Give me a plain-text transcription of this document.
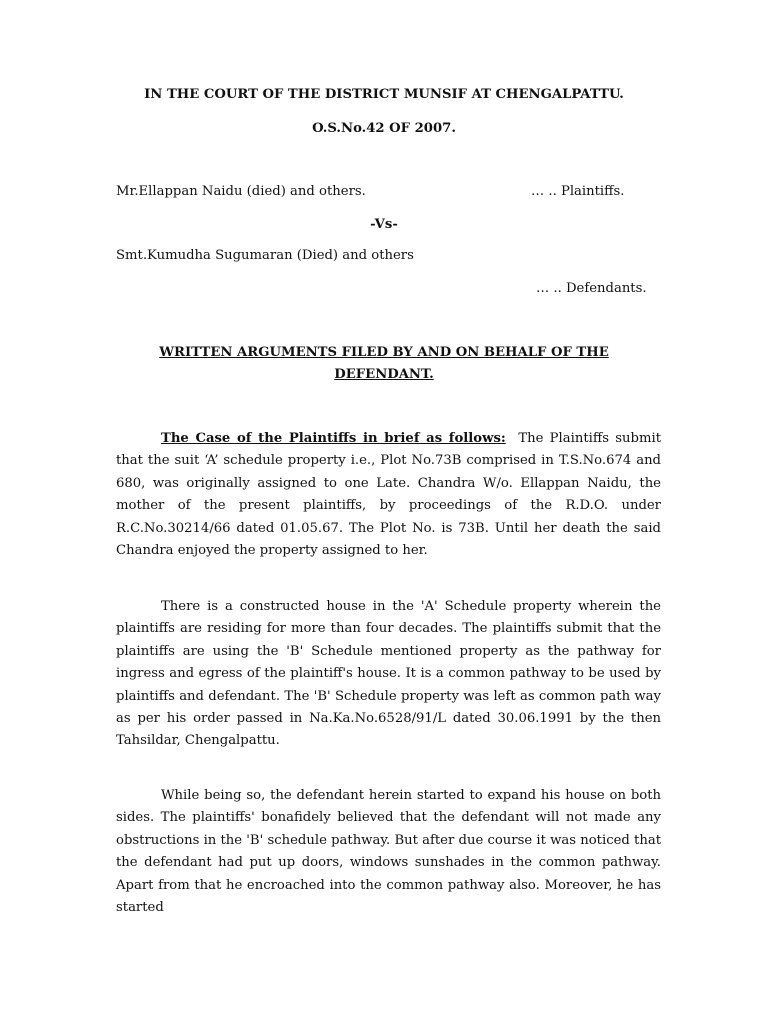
IN THE COURT OF THE DISTRICT MUNSIF AT CHENGALPATTU.
O.S.No.42 OF 2007.
Mr.Ellappan Naidu (died) and others.	… .. Plaintiffs.
-Vs-
Smt.Kumudha Sugumaran (Died) and others
… .. Defendants.
WRITTEN ARGUMENTS FILED BY AND ON BEHALF OF THE
DEFENDANT.

The Case of the Plaintiffs in brief as follows: The Plaintiffs submit that the suit ‘A’ schedule property i.e., Plot No.73B comprised in T.S.No.674 and 680, was originally assigned to one Late. Chandra W/o. Ellappan Naidu, the mother of the present plaintiffs, by proceedings of the R.D.O. under R.C.No.30214/66 dated 01.05.67. The Plot No. is 73B. Until her death the said Chandra enjoyed the property assigned to her.

There is a constructed house in the 'A' Schedule property wherein the plaintiffs are residing for more than four decades. The plaintiffs submit that the plaintiffs are using the 'B' Schedule mentioned property as the pathway for ingress and egress of the plaintiff's house. It is a common pathway to be used by plaintiffs and defendant. The 'B' Schedule property was left as common path way as per his order passed in Na.Ka.No.6528/91/L dated 30.06.1991 by the then Tahsildar, Chengalpattu.

While being so, the defendant herein started to expand his house on both sides. The plaintiffs' bonafidely believed that the defendant will not made any obstructions in the 'B' schedule pathway. But after due course it was noticed that the defendant had put up doors, windows sunshades in the common pathway. Apart from that he encroached into the common pathway also. Moreover, he has started
